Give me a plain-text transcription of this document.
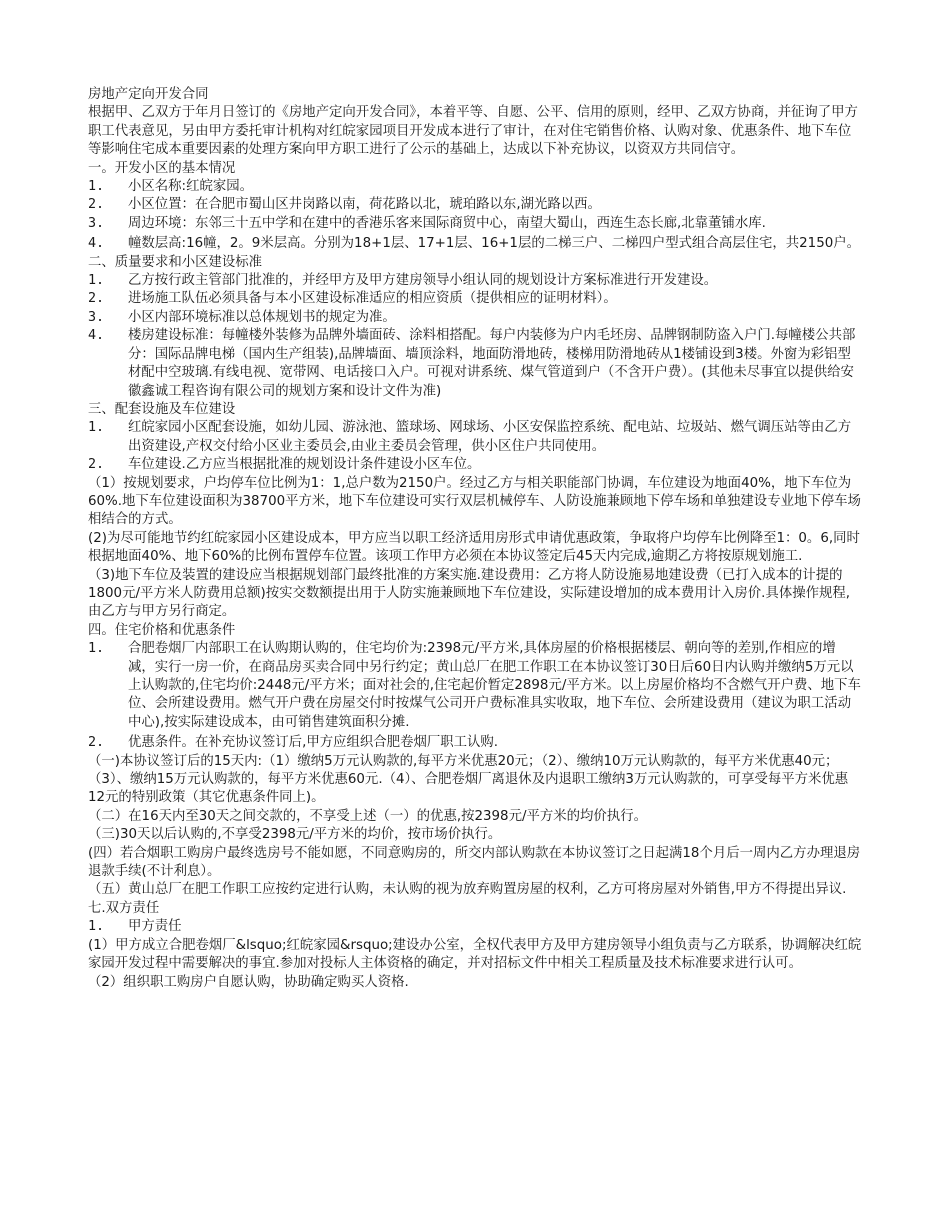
房地产定向开发合同

根据甲、乙双方于年月日签订的《房地产定向开发合同》，本着平等、自愿、公平、信用的原则，经甲、乙双方协商，并征询了甲方职工代表意见，另由甲方委托审计机构对红皖家园项目开发成本进行了审计，在对住宅销售价格、认购对象、优惠条件、地下车位等影响住宅成本重要因素的处理方案向甲方职工进行了公示的基础上，达成以下补充协议，以资双方共同信守。

一。开发小区的基本情况

1.	小区名称:红皖家园。
2.	小区位置：在合肥市蜀山区井岗路以南，荷花路以北，琥珀路以东,湖光路以西。
3.	周边环境：东邻三十五中学和在建中的香港乐客来国际商贸中心，南望大蜀山，西连生态长廊,北靠董铺水库.
4.	幢数层高:16幢，2。9米层高。分别为18+1层、17+1层、16+1层的二梯三户、二梯四户型式组合高层住宅，共2150户。

二、质量要求和小区建设标准

1.	乙方按行政主管部门批准的，并经甲方及甲方建房领导小组认同的规划设计方案标准进行开发建设。
2.	进场施工队伍必须具备与本小区建设标准适应的相应资质（提供相应的证明材料）。
3.	小区内部环境标准以总体规划书的规定为准。
4.	楼房建设标准：每幢楼外装修为品牌外墙面砖、涂料相搭配。每户内装修为户内毛坯房、品牌钢制防盗入户门.每幢楼公共部分：国际品牌电梯（国内生产组装),品牌墙面、墙顶涂料，地面防滑地砖，楼梯用防滑地砖从1楼铺设到3楼。外窗为彩铝型材配中空玻璃.有线电视、宽带网、电话接口入户。可视对讲系统、煤气管道到户（不含开户费）。(其他未尽事宜以提供给安徽鑫诚工程咨询有限公司的规划方案和设计文件为准)

三、配套设施及车位建设

1.	红皖家园小区配套设施，如幼儿园、游泳池、篮球场、网球场、小区安保监控系统、配电站、垃圾站、燃气调压站等由乙方出资建设,产权交付给小区业主委员会,由业主委员会管理，供小区住户共同使用。
2.	车位建设.乙方应当根据批准的规划设计条件建设小区车位。

（1）按规划要求，户均停车位比例为1：1,总户数为2150户。经过乙方与相关职能部门协调，车位建设为地面40%，地下车位为60%.地下车位建设面积为38700平方米，地下车位建设可实行双层机械停车、人防设施兼顾地下停车场和单独建设专业地下停车场相结合的方式。

(2)为尽可能地节约红皖家园小区建设成本，甲方应当以职工经济适用房形式申请优惠政策，争取将户均停车比例降至1：0。6,同时根据地面40%、地下60%的比例布置停车位置。该项工作甲方必须在本协议签定后45天内完成,逾期乙方将按原规划施工.

（3)地下车位及装置的建设应当根据规划部门最终批准的方案实施.建设费用：乙方将人防设施易地建设费（已打入成本的计提的1800元/平方米人防费用总额)按实交数额提出用于人防实施兼顾地下车位建设，实际建设增加的成本费用计入房价.具体操作规程,由乙方与甲方另行商定。

四。住宅价格和优惠条件

1.	合肥卷烟厂内部职工在认购期认购的，住宅均价为:2398元/平方米,具体房屋的价格根据楼层、朝向等的差别,作相应的增减，实行一房一价，在商品房买卖合同中另行约定；黄山总厂在肥工作职工在本协议签订30日后60日内认购并缴纳5万元以上认购款的,住宅均价:2448元/平方米；面对社会的,住宅起价暂定2898元/平方米。以上房屋价格均不含燃气开户费、地下车位、会所建设费用。燃气开户费在房屋交付时按煤气公司开户费标准具实收取，地下车位、会所建设费用（建议为职工活动中心),按实际建设成本，由可销售建筑面积分摊.
2.	优惠条件。在补充协议签订后,甲方应组织合肥卷烟厂职工认购.

（一)本协议签订后的15天内:（1）缴纳5万元认购款的,每平方米优惠20元；（2）、缴纳10万元认购款的，每平方米优惠40元；（3）、缴纳15万元认购款的，每平方米优惠60元.（4）、合肥卷烟厂离退休及内退职工缴纳3万元认购款的，可享受每平方米优惠12元的特别政策（其它优惠条件同上)。

（二）在16天内至30天之间交款的，不享受上述（一）的优惠,按2398元/平方米的均价执行。

（三)30天以后认购的,不享受2398元/平方米的均价，按市场价执行。

(四）若合烟职工购房户最终选房号不能如愿，不同意购房的，所交内部认购款在本协议签订之日起满18个月后一周内乙方办理退房退款手续(不计利息）。

（五）黄山总厂在肥工作职工应按约定进行认购，未认购的视为放弃购置房屋的权利，乙方可将房屋对外销售,甲方不得提出异议.

七.双方责任

1.	甲方责任

(1）甲方成立合肥卷烟厂&lsquo;红皖家园&rsquo;建设办公室，全权代表甲方及甲方建房领导小组负责与乙方联系，协调解决红皖家园开发过程中需要解决的事宜.参加对投标人主体资格的确定，并对招标文件中相关工程质量及技术标准要求进行认可。

（2）组织职工购房户自愿认购，协助确定购买人资格.
